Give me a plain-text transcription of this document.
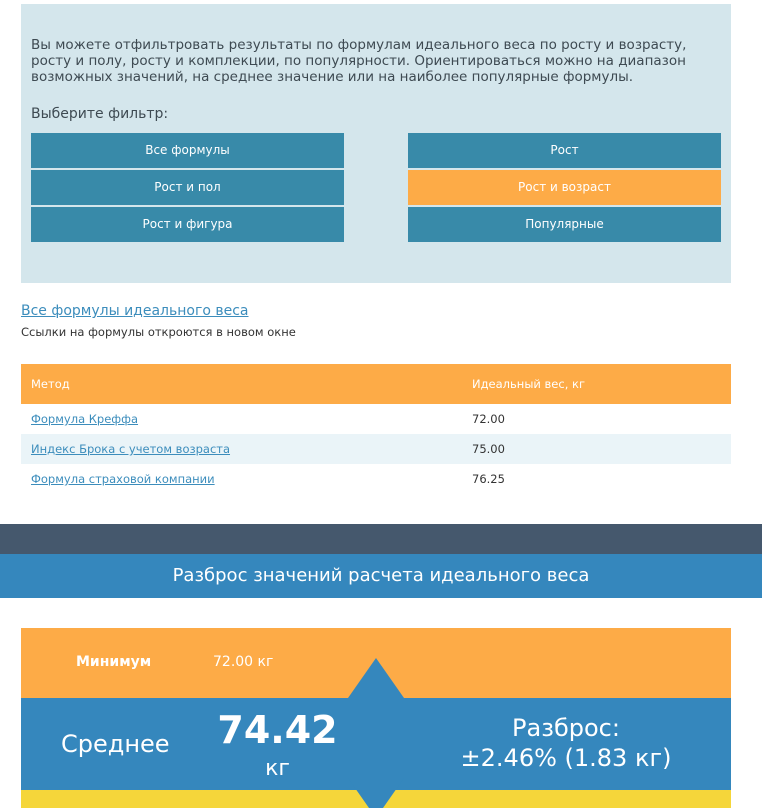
Вы можете отфильтровать результаты по формулам идеального веса по росту и возрасту, росту и полу, росту и комплекции, по популярности. Ориентироваться можно на диапазон возможных значений, на среднее значение или на наиболее популярные формулы.

Выберите фильтр:

Все формулы	Рост
Рост и пол	Рост и возраст
Рост и фигура	Популярные
Все формулы идеального веса
Ссылки на формулы откроются в новом окне
Метод	Идеальный вес, кг
Формула Креффа	72.00
Индекс Брока с учетом возраста	75.00
Формула страховой компании	76.25
Разброс значений расчета идеального веса
Минимум	72.00 кг
Среднее
Разброс:
±2.46% (1.83 кг)
74.42
кг
